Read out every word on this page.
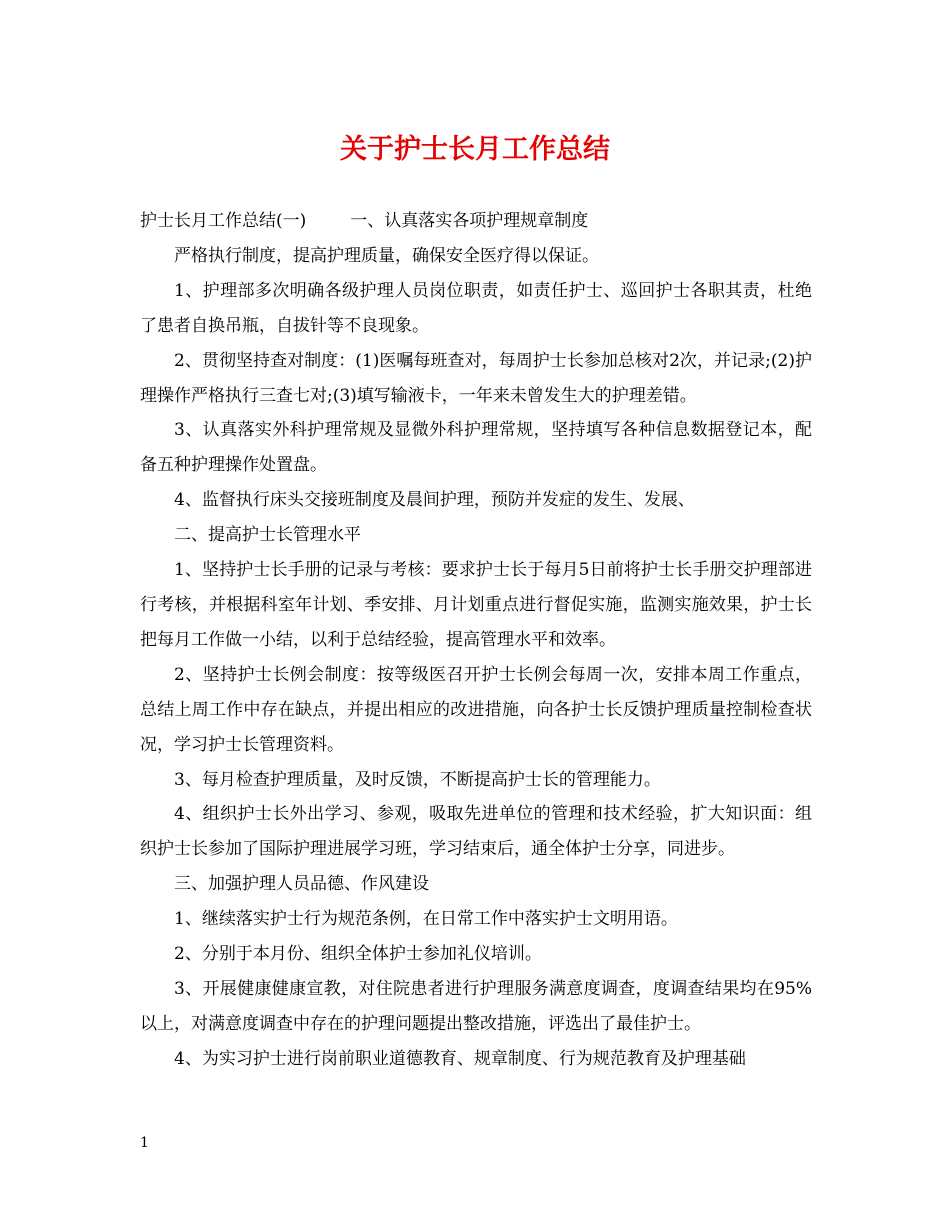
关于护士长月工作总结

护士长月工作总结(一)	一、认真落实各项护理规章制度

严格执行制度，提高护理质量，确保安全医疗得以保证。

1、护理部多次明确各级护理人员岗位职责，如责任护士、巡回护士各职其责，杜绝了患者自换吊瓶，自拔针等不良现象。

2、贯彻坚持查对制度：(1)医嘱每班查对，每周护士长参加总核对2次，并记录;(2)护理操作严格执行三查七对;(3)填写输液卡，一年来未曾发生大的护理差错。

3、认真落实外科护理常规及显微外科护理常规，坚持填写各种信息数据登记本，配备五种护理操作处置盘。

4、监督执行床头交接班制度及晨间护理，预防并发症的发生、发展、

二、提高护士长管理水平

1、坚持护士长手册的记录与考核：要求护士长于每月5日前将护士长手册交护理部进行考核，并根据科室年计划、季安排、月计划重点进行督促实施，监测实施效果，护士长把每月工作做一小结，以利于总结经验，提高管理水平和效率。

2、坚持护士长例会制度：按等级医召开护士长例会每周一次，安排本周工作重点，总结上周工作中存在缺点，并提出相应的改进措施，向各护士长反馈护理质量控制检查状况，学习护士长管理资料。

3、每月检查护理质量，及时反馈，不断提高护士长的管理能力。

4、组织护士长外出学习、参观，吸取先进单位的管理和技术经验，扩大知识面：组织护士长参加了国际护理进展学习班，学习结束后，通全体护士分享，同进步。

三、加强护理人员品德、作风建设

1、继续落实护士行为规范条例，在日常工作中落实护士文明用语。

2、分别于本月份、组织全体护士参加礼仪培训。

3、开展健康健康宣教，对住院患者进行护理服务满意度调查，度调查结果均在95%以上，对满意度调查中存在的护理问题提出整改措施，评选出了最佳护士。

4、为实习护士进行岗前职业道德教育、规章制度、行为规范教育及护理基础

1
